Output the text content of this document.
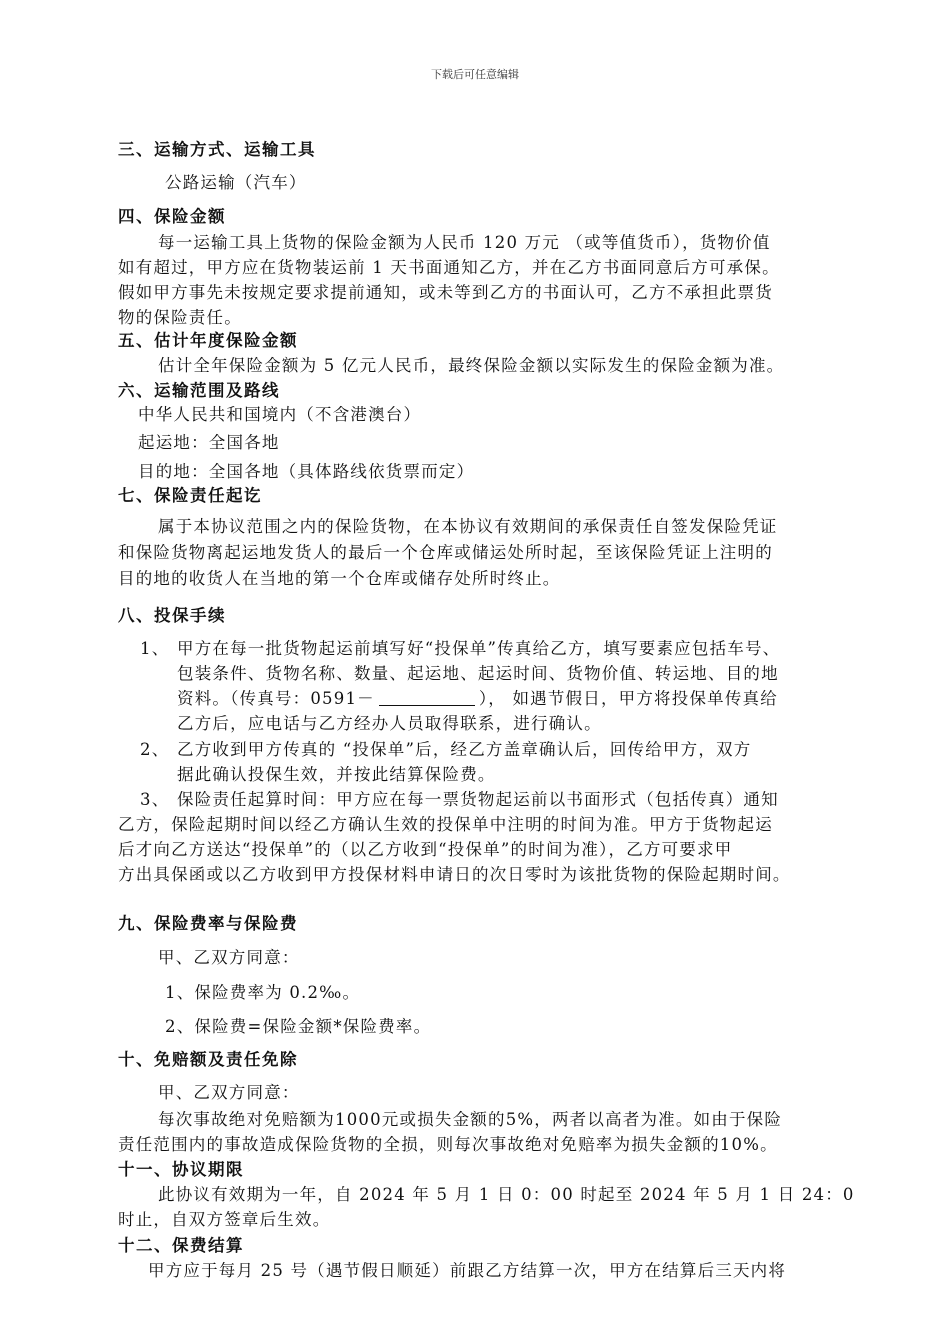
下载后可任意编辑
三、运输方式、运输工具
公路运输（汽车）
四、保险金额
每一运输工具上货物的保险金额为人民币 120 万元 （或等值货币），货物价值
如有超过，甲方应在货物装运前 1 天书面通知乙方，并在乙方书面同意后方可承保。
假如甲方事先未按规定要求提前通知，或未等到乙方的书面认可，乙方不承担此票货
物的保险责任。
五、估计年度保险金额
估计全年保险金额为 5 亿元人民币，最终保险金额以实际发生的保险金额为准。
六、运输范围及路线
中华人民共和国境内（不含港澳台）
起运地：全国各地
目的地：全国各地（具体路线依货票而定）
七、保险责任起讫
属于本协议范围之内的保险货物，在本协议有效期间的承保责任自签发保险凭证
和保险货物离起运地发货人的最后一个仓库或储运处所时起，至该保险凭证上注明的
目的地的收货人在当地的第一个仓库或储存处所时终止。
八、投保手续
1、 甲方在每一批货物起运前填写好“投保单”传真给乙方，填写要素应包括车号、
包装条件、货物名称、数量、起运地、起运时间、货物价值、转运地、目的地
资料。（传真号：0591－	）， 如遇节假日，甲方将投保单传真给
乙方后，应电话与乙方经办人员取得联系，进行确认。
2、 乙方收到甲方传真的 “投保单”后，经乙方盖章确认后，回传给甲方，双方
据此确认投保生效，并按此结算保险费。
3、 保险责任起算时间：甲方应在每一票货物起运前以书面形式（包括传真）通知
乙方，保险起期时间以经乙方确认生效的投保单中注明的时间为准。甲方于货物起运
后才向乙方送达“投保单”的（以乙方收到“投保单”的时间为准），乙方可要求甲
方出具保函或以乙方收到甲方投保材料申请日的次日零时为该批货物的保险起期时间。
九、保险费率与保险费
甲、乙双方同意：
1、保险费率为 0.2‰。
2、保险费=保险金额*保险费率。
十、免赔额及责任免除
甲、乙双方同意：
每次事故绝对免赔额为1000元或损失金额的5%，两者以高者为准。如由于保险
责任范围内的事故造成保险货物的全损，则每次事故绝对免赔率为损失金额的10%。
十一、协议期限
此协议有效期为一年，自 2024 年 5 月 1 日 0：00 时起至 2024 年 5 月 1 日 24：0
时止，自双方签章后生效。
十二、保费结算
甲方应于每月 25 号（遇节假日顺延）前跟乙方结算一次，甲方在结算后三天内将
